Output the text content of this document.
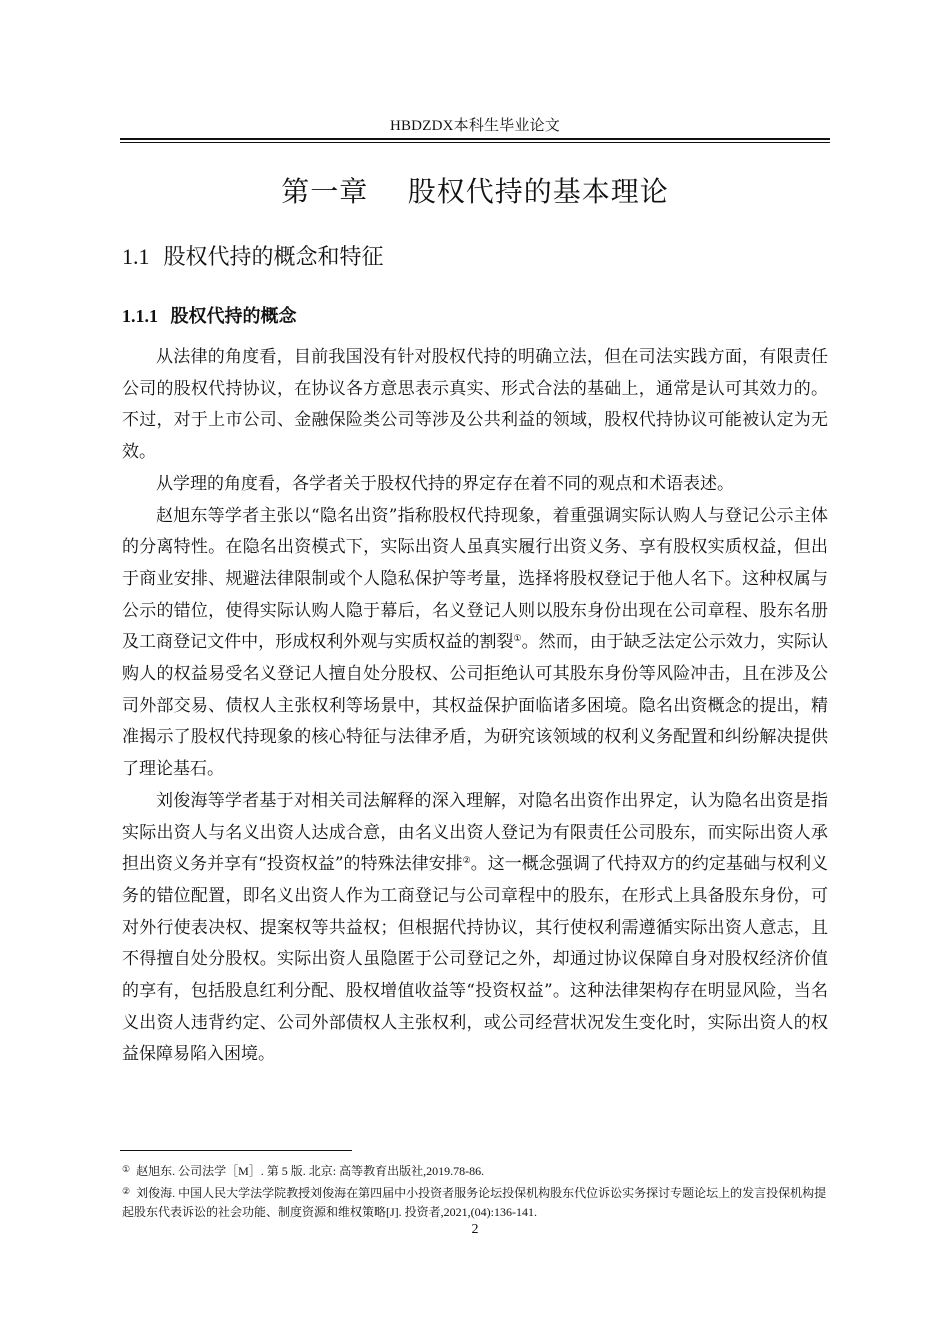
HBDZDX本科生毕业论文
第一章    股权代持的基本理论
1.1 股权代持的概念和特征
1.1.1 股权代持的概念

从法律的角度看，目前我国没有针对股权代持的明确立法，但在司法实践方面，有限责任公司的股权代持协议，在协议各方意思表示真实、形式合法的基础上，通常是认可其效力的。不过，对于上市公司、金融保险类公司等涉及公共利益的领域，股权代持协议可能被认定为无效。

从学理的角度看，各学者关于股权代持的界定存在着不同的观点和术语表述。

赵旭东等学者主张以“隐名出资”指称股权代持现象，着重强调实际认购人与登记公示主体的分离特性。在隐名出资模式下，实际出资人虽真实履行出资义务、享有股权实质权益，但出于商业安排、规避法律限制或个人隐私保护等考量，选择将股权登记于他人名下。这种权属与公示的错位，使得实际认购人隐于幕后，名义登记人则以股东身份出现在公司章程、股东名册及工商登记文件中，形成权利外观与实质权益的割裂①。然而，由于缺乏法定公示效力，实际认购人的权益易受名义登记人擅自处分股权、公司拒绝认可其股东身份等风险冲击，且在涉及公司外部交易、债权人主张权利等场景中，其权益保护面临诸多困境。隐名出资概念的提出，精准揭示了股权代持现象的核心特征与法律矛盾，为研究该领域的权利义务配置和纠纷解决提供了理论基石。

刘俊海等学者基于对相关司法解释的深入理解，对隐名出资作出界定，认为隐名出资是指实际出资人与名义出资人达成合意，由名义出资人登记为有限责任公司股东，而实际出资人承担出资义务并享有“投资权益”的特殊法律安排②。这一概念强调了代持双方的约定基础与权利义务的错位配置，即名义出资人作为工商登记与公司章程中的股东，在形式上具备股东身份，可对外行使表决权、提案权等共益权；但根据代持协议，其行使权利需遵循实际出资人意志，且不得擅自处分股权。实际出资人虽隐匿于公司登记之外，却通过协议保障自身对股权经济价值的享有，包括股息红利分配、股权增值收益等“投资权益”。这种法律架构存在明显风险，当名义出资人违背约定、公司外部债权人主张权利，或公司经营状况发生变化时，实际出资人的权益保障易陷入困境。

① 赵旭东. 公司法学［M］. 第 5 版. 北京: 高等教育出版社,2019.78-86.
② 刘俊海. 中国人民大学法学院教授刘俊海在第四届中小投资者服务论坛投保机构股东代位诉讼实务探讨专题论坛上的发言投保机构提起股东代表诉讼的社会功能、制度资源和维权策略[J]. 投资者,2021,(04):136-141.
2
